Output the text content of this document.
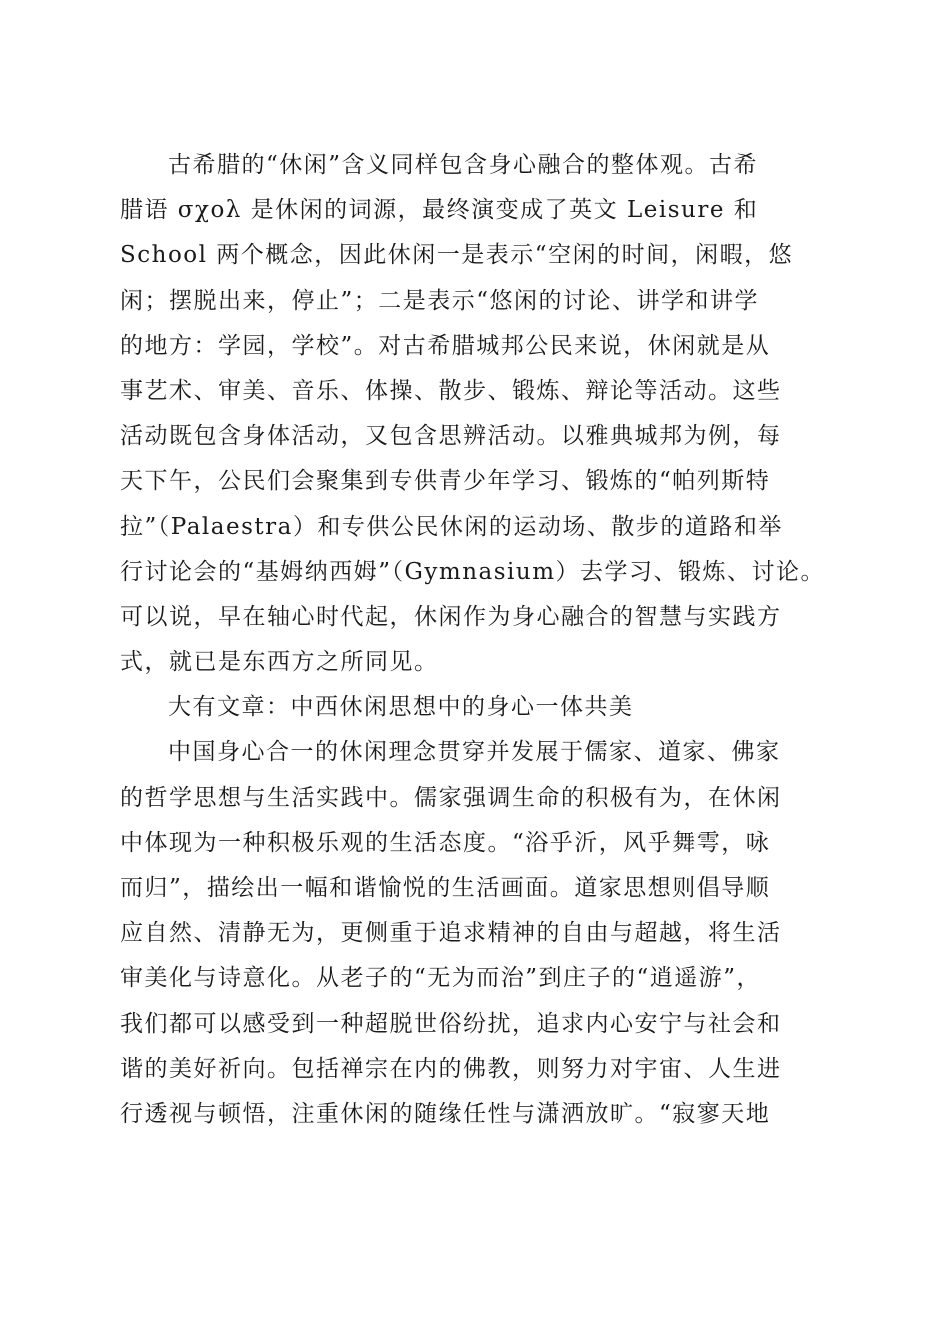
古希腊的“休闲”含义同样包含身心融合的整体观。古希
腊语 σχολ 是休闲的词源，最终演变成了英文 Leisure 和
School 两个概念，因此休闲一是表示“空闲的时间，闲暇，悠
闲；摆脱出来，停止”；二是表示“悠闲的讨论、讲学和讲学
的地方：学园，学校”。对古希腊城邦公民来说，休闲就是从
事艺术、审美、音乐、体操、散步、锻炼、辩论等活动。这些
活动既包含身体活动，又包含思辨活动。以雅典城邦为例，每
天下午，公民们会聚集到专供青少年学习、锻炼的“帕列斯特
拉”（Palaestra）和专供公民休闲的运动场、散步的道路和举
行讨论会的“基姆纳西姆”（Gymnasium）去学习、锻炼、讨论。
可以说，早在轴心时代起，休闲作为身心融合的智慧与实践方
式，就已是东西方之所同见。
大有文章：中西休闲思想中的身心一体共美
中国身心合一的休闲理念贯穿并发展于儒家、道家、佛家
的哲学思想与生活实践中。儒家强调生命的积极有为，在休闲
中体现为一种积极乐观的生活态度。“浴乎沂，风乎舞雩，咏
而归”，描绘出一幅和谐愉悦的生活画面。道家思想则倡导顺
应自然、清静无为，更侧重于追求精神的自由与超越，将生活
审美化与诗意化。从老子的“无为而治”到庄子的“逍遥游”，
我们都可以感受到一种超脱世俗纷扰，追求内心安宁与社会和
谐的美好祈向。包括禅宗在内的佛教，则努力对宇宙、人生进
行透视与顿悟，注重休闲的随缘任性与潇洒放旷。“寂寥天地
